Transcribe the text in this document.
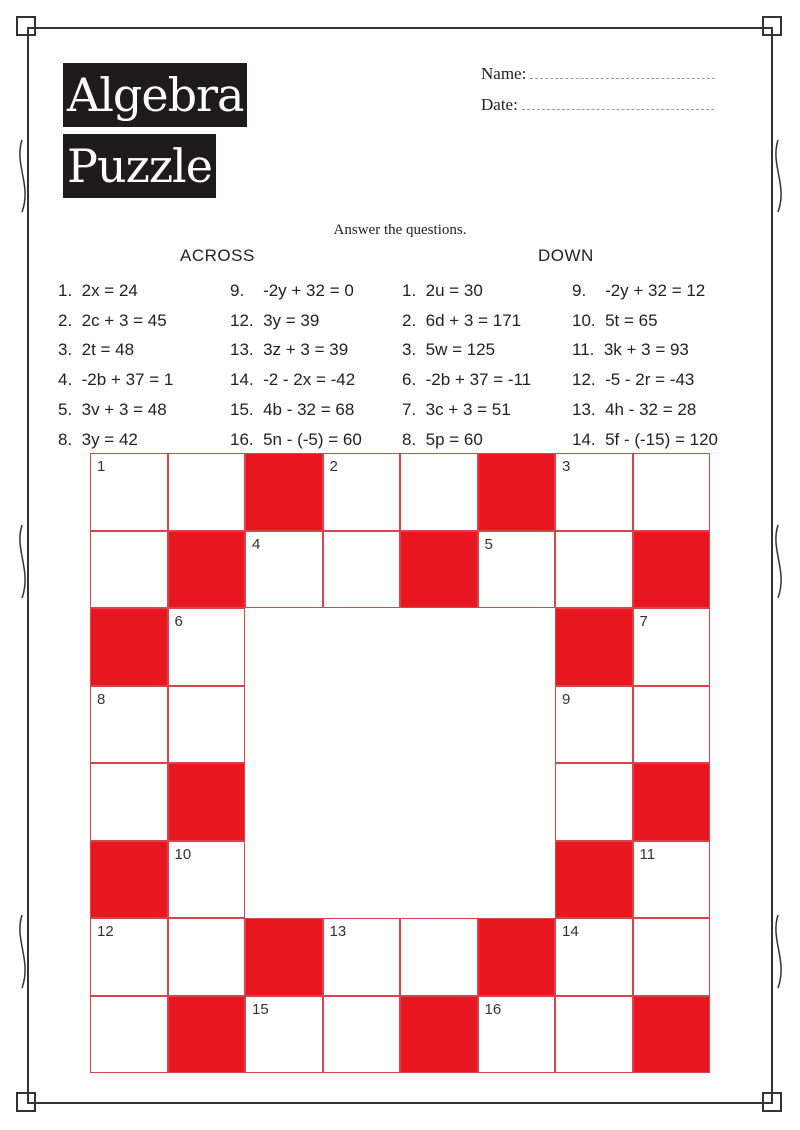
Algebra
Puzzle
Name:
Date:
Answer the questions.
ACROSS	DOWN
1.  2x = 24
2.  2c + 3 = 45
3.  2t = 48
4.  -2b + 37 = 1
5.  3v + 3 = 48
8.  3y = 42
9.    -2y + 32 = 0
12.  3y = 39
13.  3z + 3 = 39
14.  -2 - 2x = -42
15.  4b - 32 = 68
16.  5n - (-5) = 60
1.  2u = 30
2.  6d + 3 = 171
3.  5w = 125
6.  -2b + 37 = -11
7.  3c + 3 = 51
8.  5p = 60
9.    -2y + 32 = 12
10.  5t = 65
11.  3k + 3 = 93
12.  -5 - 2r = -43
13.  4h - 32 = 28
14.  5f - (-15) = 120
1	2	3
4	5
6	7
8	9
10	11
12	13	14
15	16
